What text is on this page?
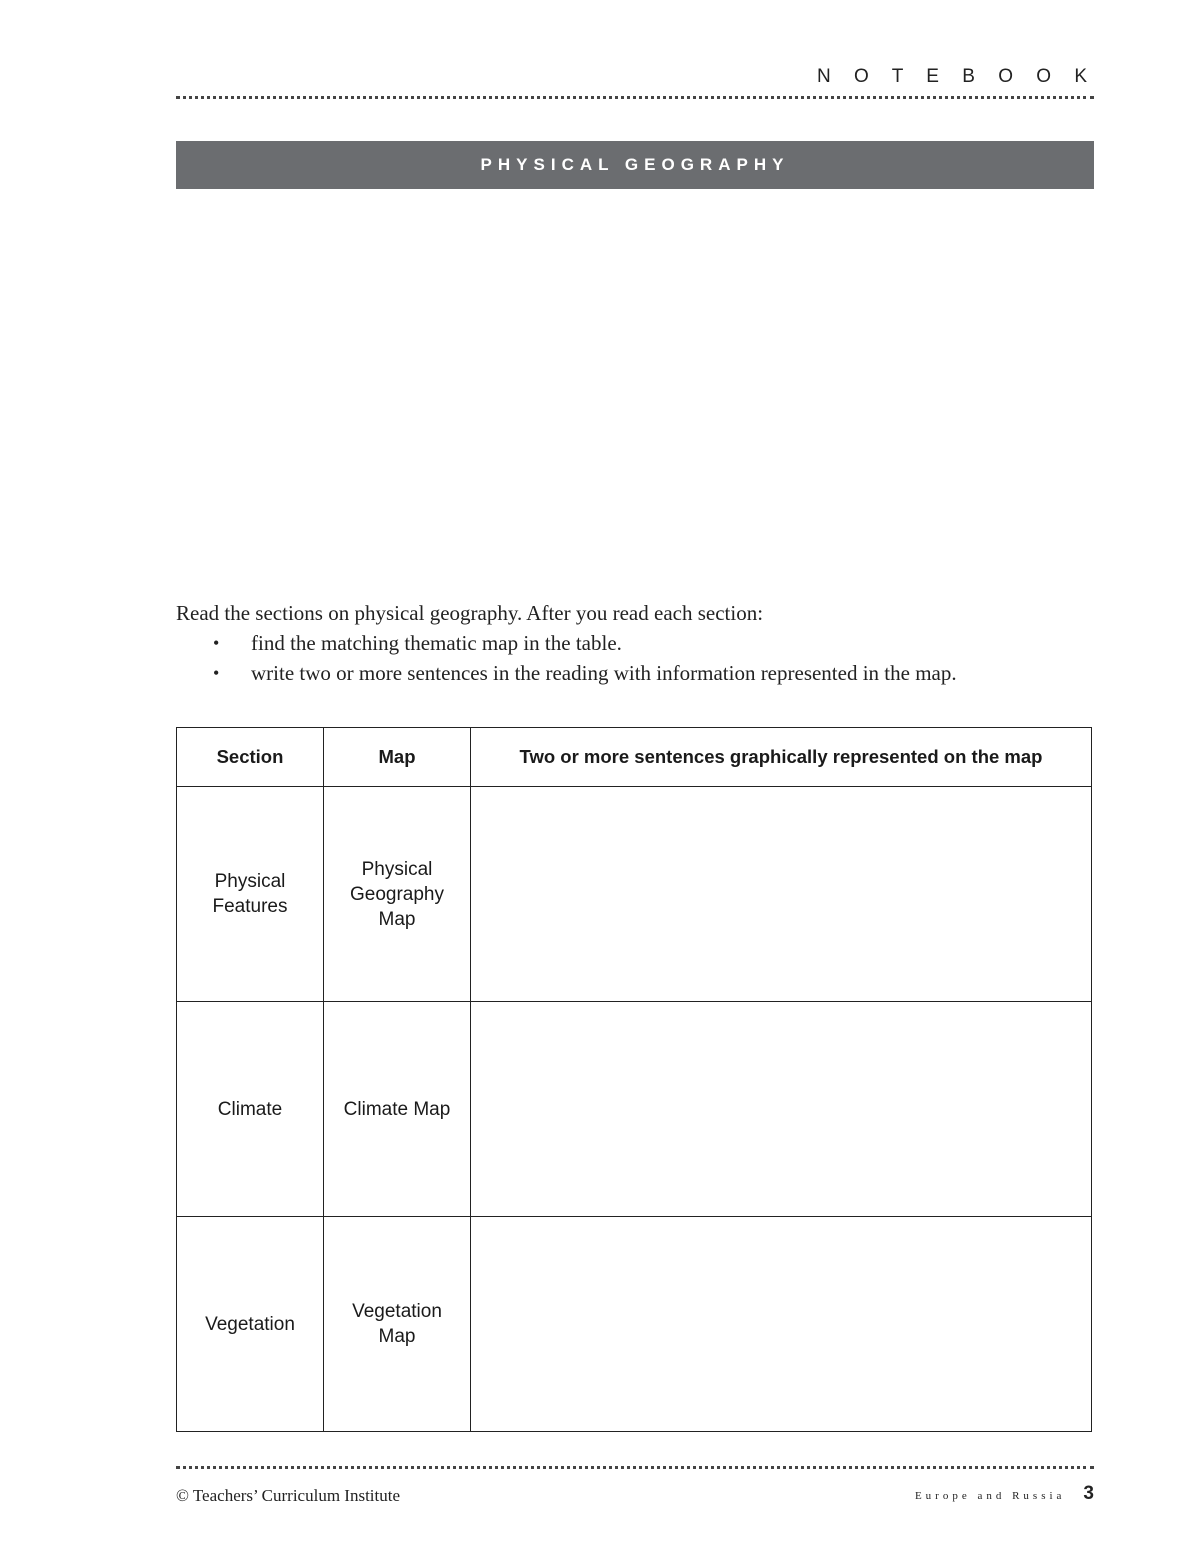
N O T E B O O K
PHYSICAL GEOGRAPHY

Read the sections on physical geography. After you read each section:

• find the matching thematic map in the table.
• write two or more sentences in the reading with information represented in the map.
Section	Map	Two or more sentences graphically represented on the map
Physical Features	Physical Geography Map	
Climate	Climate Map	
Vegetation	Vegetation Map	
© Teachers’ Curriculum Institute	Europe and Russia 3
